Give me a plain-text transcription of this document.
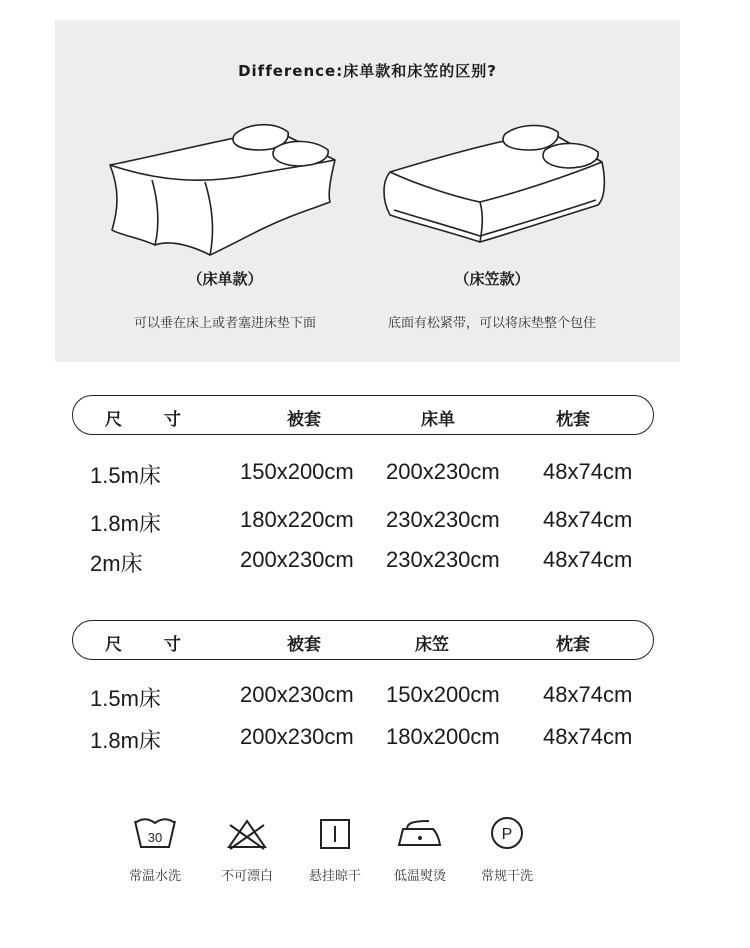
Difference:床单款和床笠的区别?
（床单款）	（床笠款）
可以垂在床上或者塞进床垫下面	底面有松紧带，可以将床垫整个包住
尺 寸	被套	床单	枕套
1.5m床	150x200cm 200x230cm 48x74cm
1.8m床	180x220cm 230x230cm 48x74cm
2m床	200x230cm 230x230cm 48x74cm
尺 寸	被套	床笠	枕套
1.5m床	200x230cm 150x200cm 48x74cm
1.8m床	200x230cm 180x200cm 48x74cm
30
常温水洗	不可漂白	悬挂晾干	低温熨烫
P
常规干洗
